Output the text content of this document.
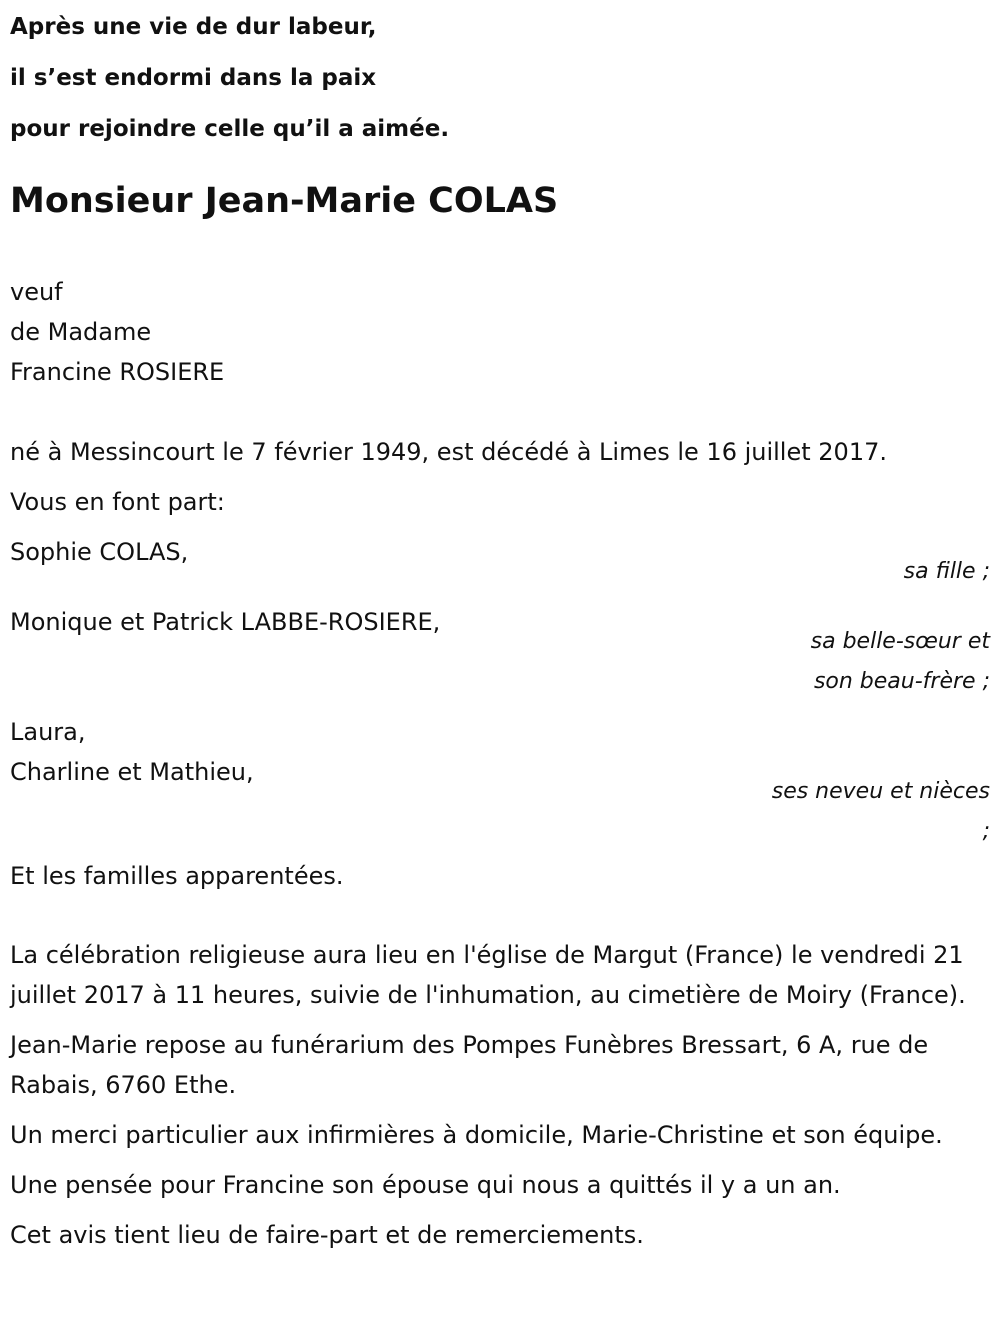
Après une vie de dur labeur,
il s’est endormi dans la paix
pour rejoindre celle qu’il a aimée.
Monsieur Jean-Marie COLAS
veuf
de Madame
Francine ROSIERE
né à Messincourt le 7 février 1949, est décédé à Limes le 16 juillet 2017.
Vous en font part:
Sophie COLAS,
sa fille ;
Monique et Patrick LABBE-ROSIERE,
sa belle-sœur et
son beau-frère ;
Laura,
Charline et Mathieu,
ses neveu et nièces
;
Et les familles apparentées.
La célébration religieuse aura lieu en l'église de Margut (France) le vendredi 21 juillet 2017 à 11 heures, suivie de l'inhumation, au cimetière de Moiry (France).
Jean-Marie repose au funérarium des Pompes Funèbres Bressart, 6 A, rue de Rabais, 6760 Ethe.
Un merci particulier aux infirmières à domicile, Marie-Christine et son équipe.
Une pensée pour Francine son épouse qui nous a quittés il y a un an.
Cet avis tient lieu de faire-part et de remerciements.
